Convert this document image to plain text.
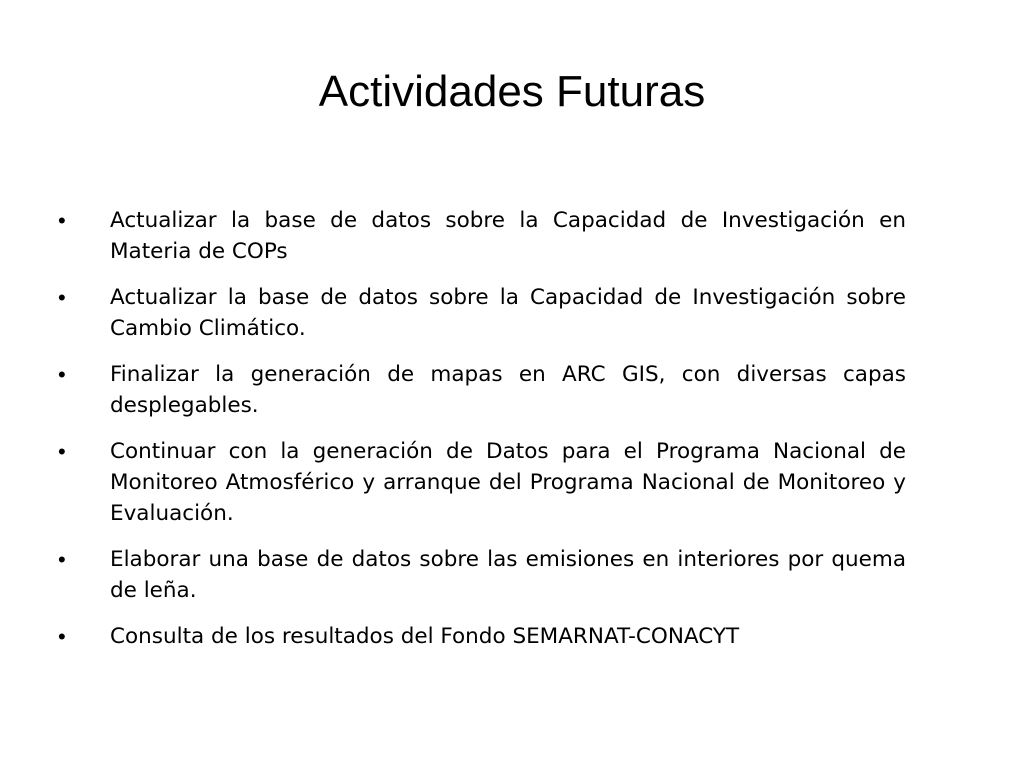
Actividades Futuras
• Actualizar la base de datos sobre la Capacidad de Investigación en Materia de COPs
• Actualizar la base de datos sobre la Capacidad de Investigación sobre Cambio Climático.
• Finalizar la generación de mapas en ARC GIS, con diversas capas desplegables.
• Continuar con la generación de Datos para el Programa Nacional de Monitoreo Atmosférico y arranque del Programa Nacional de Monitoreo y Evaluación.
• Elaborar una base de datos sobre las emisiones en interiores por quema de leña.
• Consulta de los resultados del Fondo SEMARNAT-CONACYT
